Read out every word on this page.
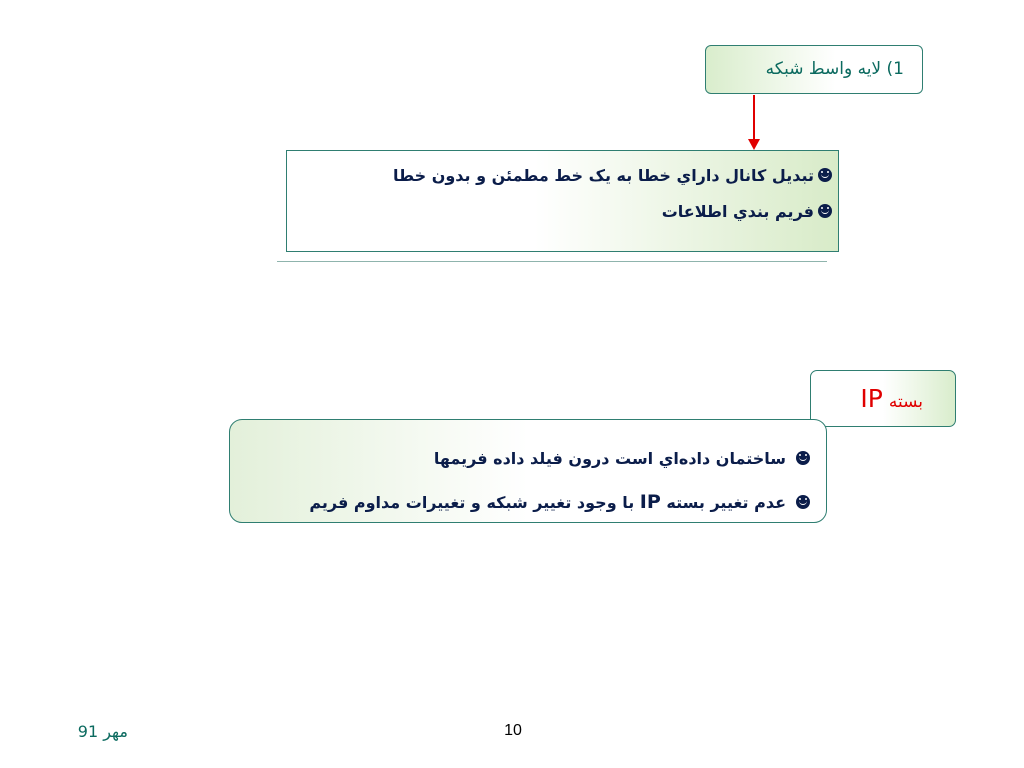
1) لایه واسط شبکه
تبديل کانال داراي خطا به يک خط مطمئن و بدون خطا
فريم بندي اطلاعات
بستهIP
ساختمان داده‌اي است درون فيلد داده فريمها
عدم تغيير بسته

IP

با وجود تغيير شبکه و تغييرات مداوم فريم
10
مهر 91
